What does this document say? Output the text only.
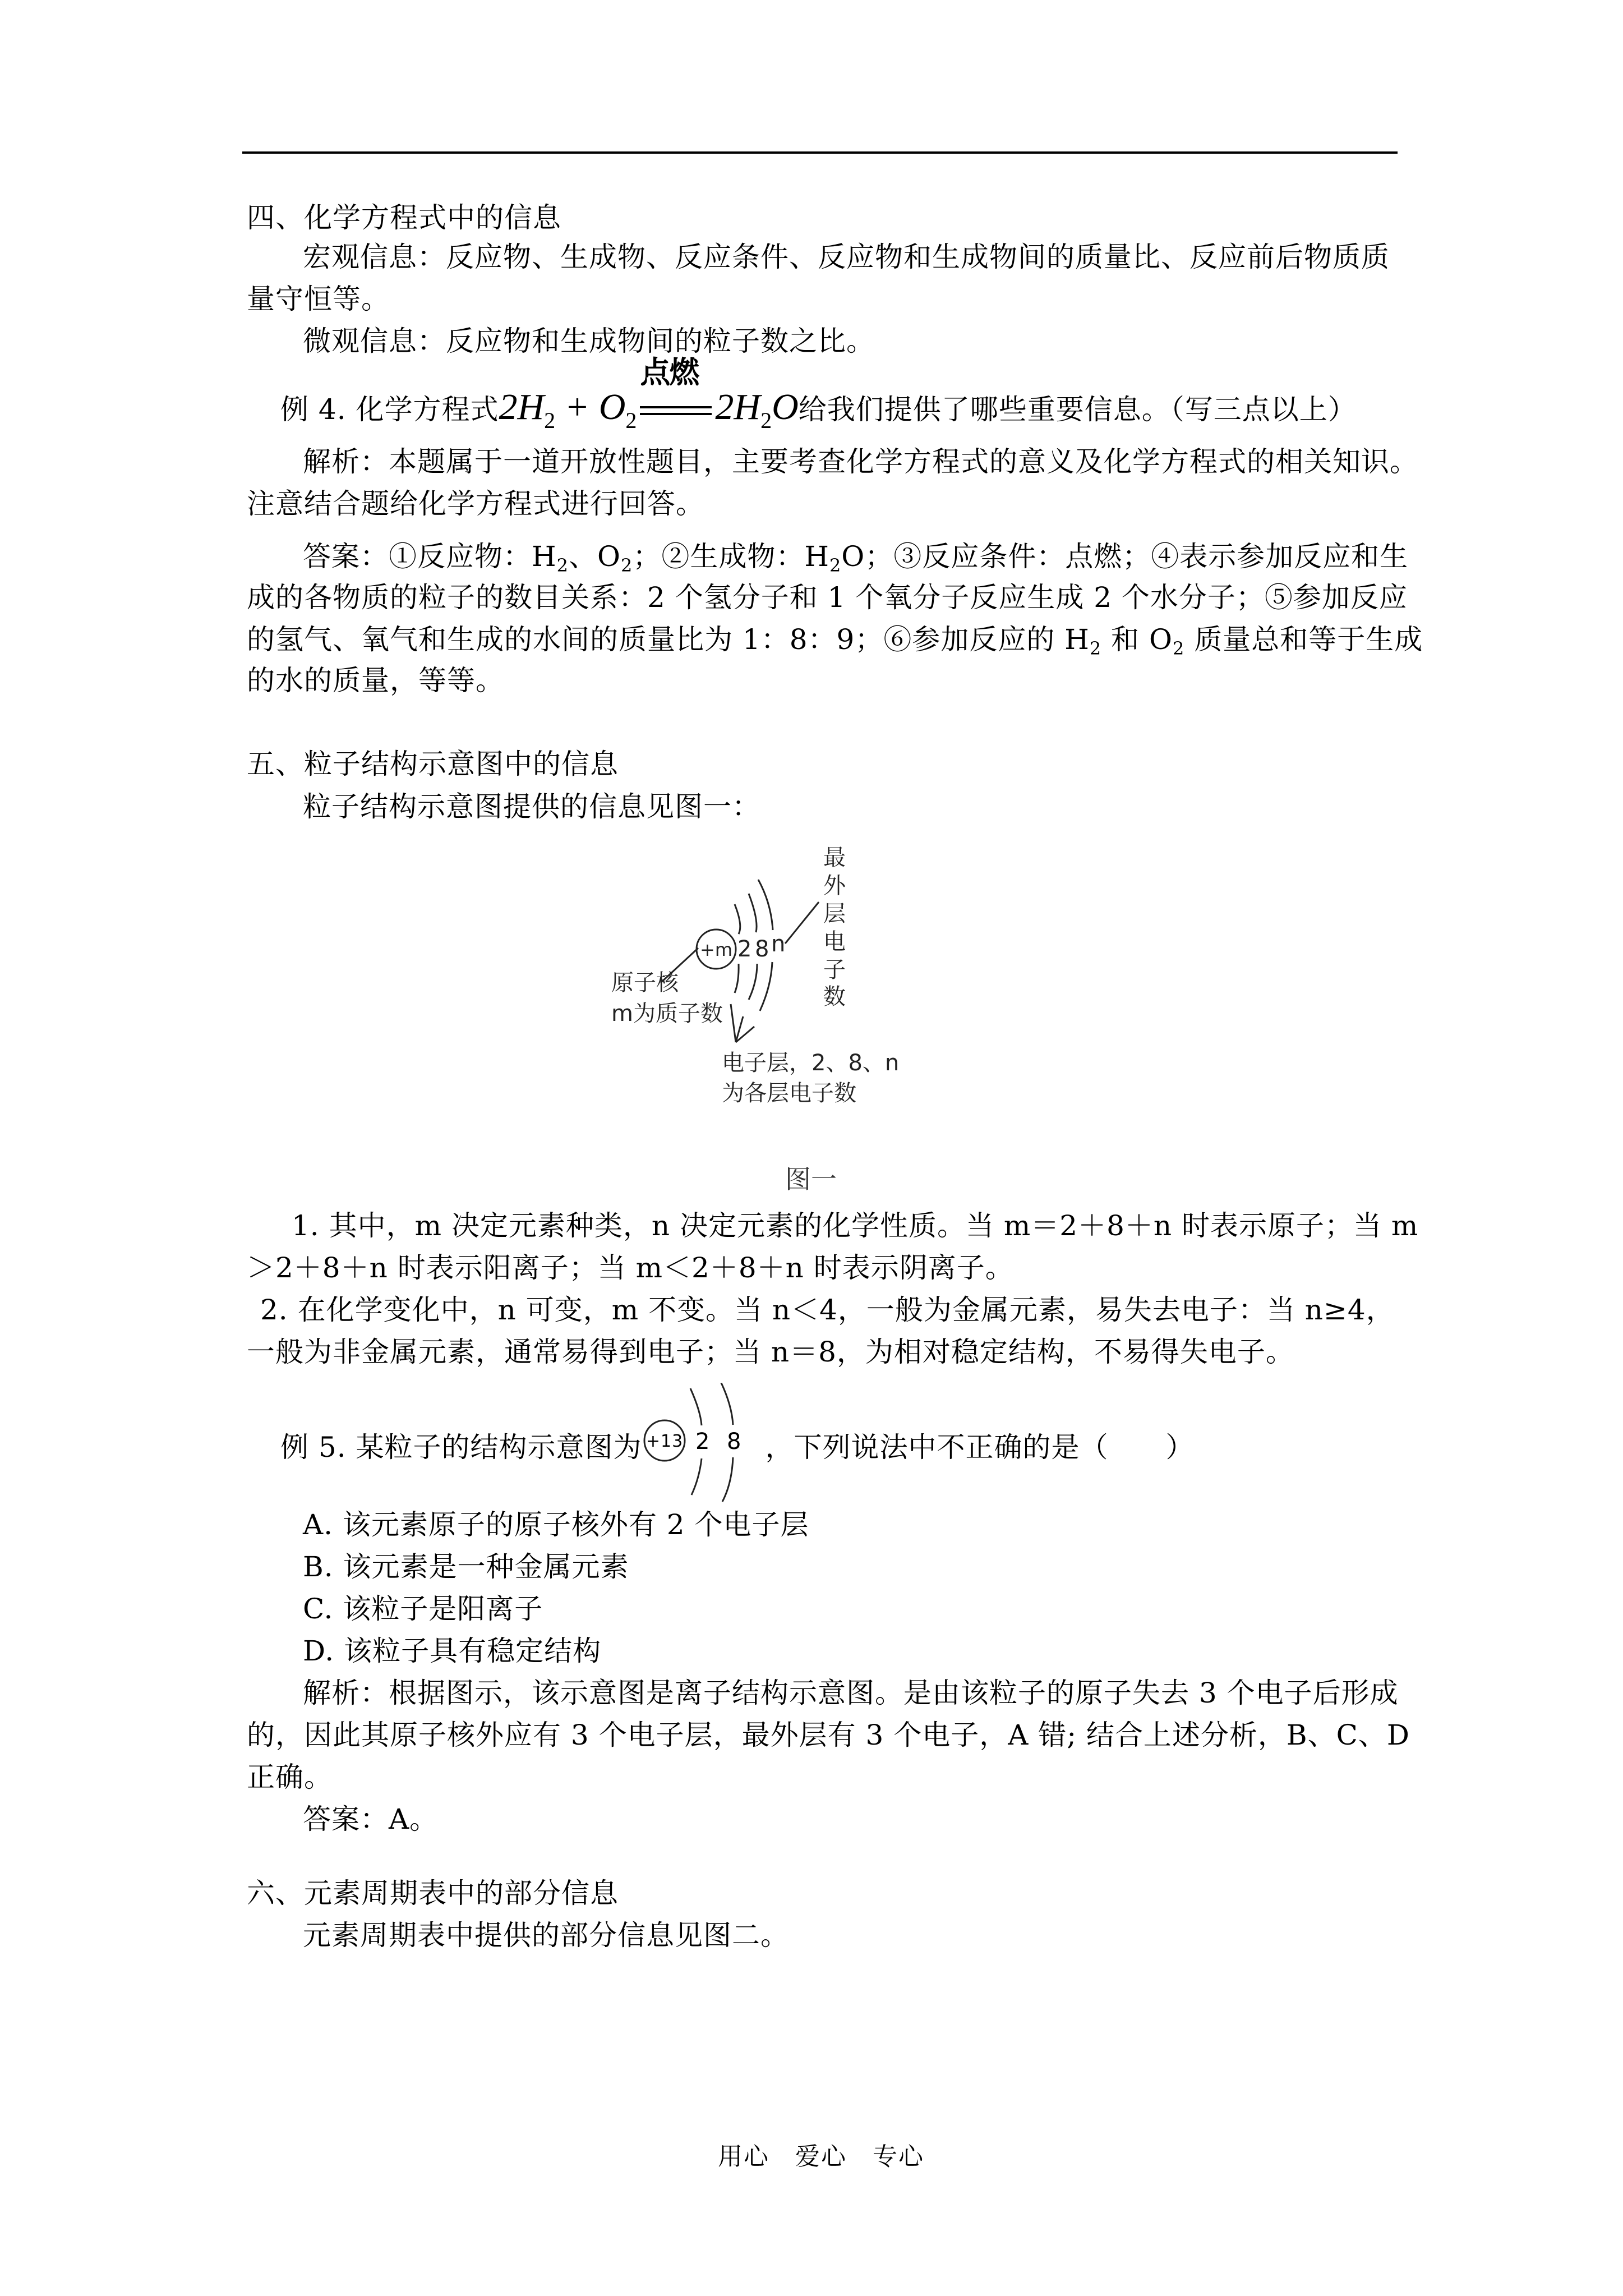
四、化学方程式中的信息
宏观信息：反应物、生成物、反应条件、反应物和生成物间的质量比、反应前后物质质
量守恒等。
微观信息：反应物和生成物间的粒子数之比。
例 4. 化学方程式$2H_2 + O_2$
点燃
$2H_2O$给我们提供了哪些重要信息。（写三点以上）
解析：本题属于一道开放性题目，主要考查化学方程式的意义及化学方程式的相关知识。
注意结合题给化学方程式进行回答。
答案：①反应物：$H_2$、$O_2$；②生成物：$H_2O$；③反应条件：点燃；④表示参加反应和生
成的各物质的粒子的数目关系：2 个氢分子和 1 个氧分子反应生成 2 个水分子；⑤参加反应
的氢气、氧气和生成的水间的质量比为 1：8：9；⑥参加反应的 $H_2$ 和 $O_2$ 质量总和等于生成
的水的质量，等等。
五、粒子结构示意图中的信息
粒子结构示意图提供的信息见图一：
+m 2 8 n
原子核
m为质子数
最
外
层
电
子
数
电子层，2、8、n
为各层电子数
图一
1. 其中，m 决定元素种类，n 决定元素的化学性质。当 m＝2＋8＋n 时表示原子；当 m
＞2＋8＋n 时表示阳离子；当 m＜2＋8＋n 时表示阴离子。
2. 在化学变化中，n 可变，m 不变。当 n＜4，一般为金属元素，易失去电子：当 n≥4，
一般为非金属元素，通常易得到电子；当 n＝8，为相对稳定结构，不易得失电子。
例 5. 某粒子的结构示意图为 +13 2 8 ，下列说法中不正确的是（　　）
A. 该元素原子的原子核外有 2 个电子层
B. 该元素是一种金属元素
C. 该粒子是阳离子
D. 该粒子具有稳定结构
解析：根据图示，该示意图是离子结构示意图。是由该粒子的原子失去 3 个电子后形成
的，因此其原子核外应有 3 个电子层，最外层有 3 个电子，A 错; 结合上述分析，B、C、D
正确。
答案：A。
六、元素周期表中的部分信息
元素周期表中提供的部分信息见图二。
用心　爱心　专心
